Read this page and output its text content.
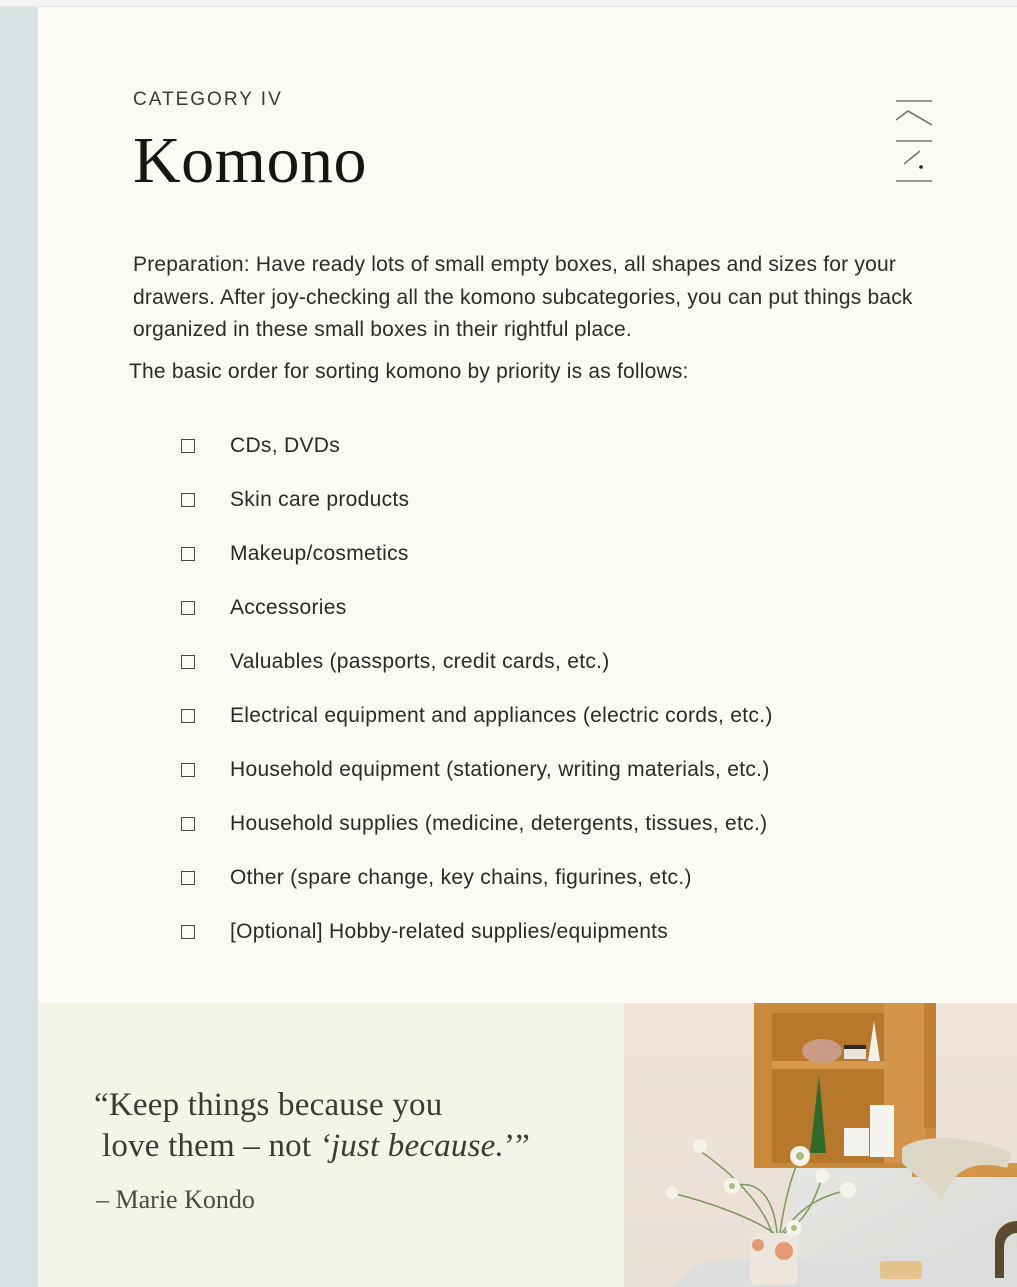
CATEGORY IV
Komono

Preparation: Have ready lots of small empty boxes, all shapes and sizes for your drawers. After joy-checking all the komono subcategories, you can put things back organized in these small boxes in their rightful place.

The basic order for sorting komono by priority is as follows:

CDs, DVDs
Skin care products
Makeup/cosmetics
Accessories
Valuables (passports, credit cards, etc.)
Electrical equipment and appliances (electric cords, etc.)
Household equipment (stationery, writing materials, etc.)
Household supplies (medicine, detergents, tissues, etc.)
Other (spare change, key chains, figurines, etc.)
[Optional] Hobby-related supplies/equipments
“Keep things because you
love them – not ‘just because.’”
– Marie Kondo
